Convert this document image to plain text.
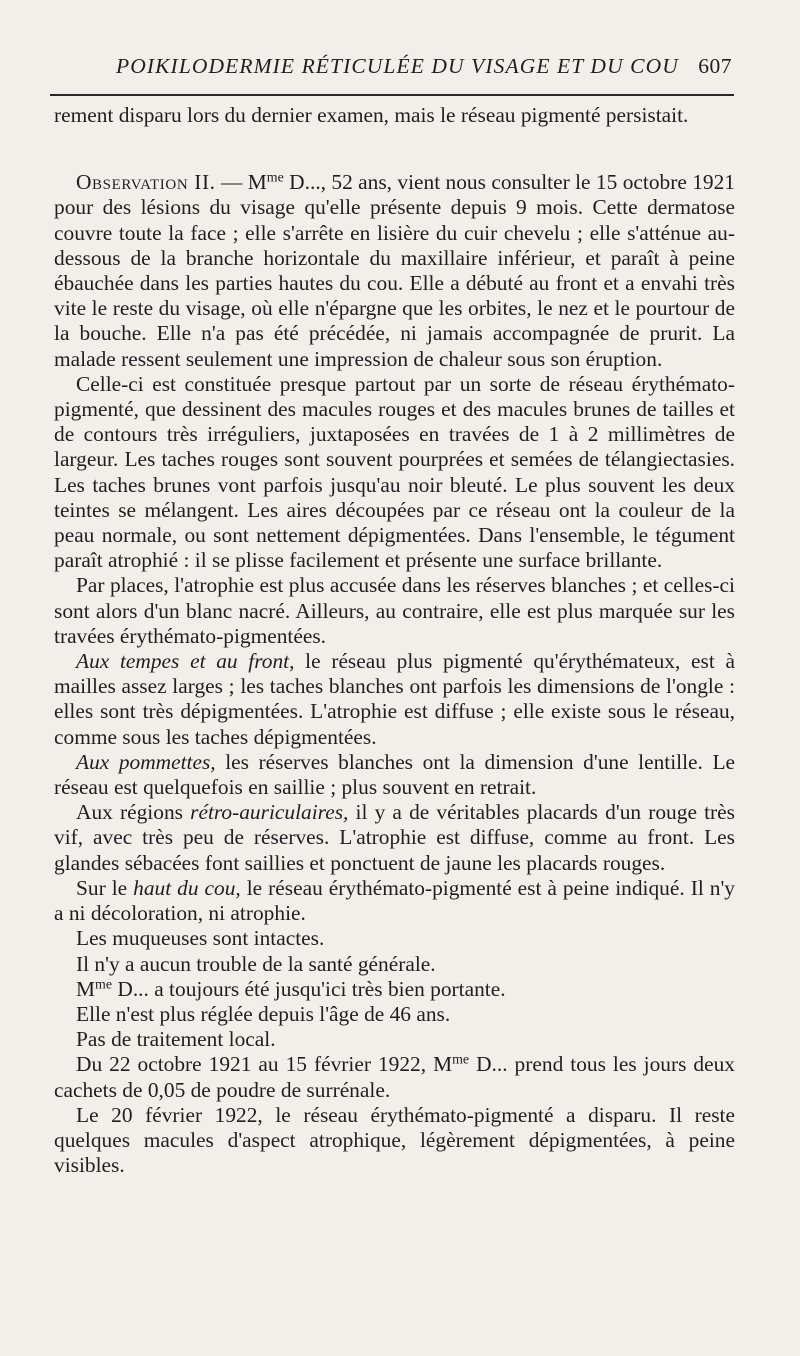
POIKILODERMIE RÉTICULÉE DU VISAGE ET DU COU 607

rement disparu lors du dernier examen, mais le réseau pigmenté persistait.

Observation II. — $M^{me}$ D..., 52 ans, vient nous consulter le 15 octobre 1921 pour des lésions du visage qu'elle présente depuis 9 mois. Cette dermatose couvre toute la face ; elle s'arrête en lisière du cuir chevelu ; elle s'atténue au-dessous de la branche horizontale du maxillaire inférieur, et paraît à peine ébauchée dans les parties hautes du cou. Elle a débuté au front et a envahi très vite le reste du visage, où elle n'épargne que les orbites, le nez et le pourtour de la bouche. Elle n'a pas été précédée, ni jamais accompagnée de prurit. La malade ressent seulement une impression de chaleur sous son éruption.

Celle-ci est constituée presque partout par un sorte de réseau érythémato-pigmenté, que dessinent des macules rouges et des macules brunes de tailles et de contours très irréguliers, juxtaposées en travées de 1 à 2 millimètres de largeur. Les taches rouges sont souvent pourprées et semées de télangiectasies. Les taches brunes vont parfois jusqu'au noir bleuté. Le plus souvent les deux teintes se mélangent. Les aires découpées par ce réseau ont la couleur de la peau normale, ou sont nettement dépigmentées. Dans l'ensemble, le tégument paraît atrophié : il se plisse facilement et présente une surface brillante.

Par places, l'atrophie est plus accusée dans les réserves blanches ; et celles-ci sont alors d'un blanc nacré. Ailleurs, au contraire, elle est plus marquée sur les travées érythémato-pigmentées.

Aux tempes et au front, le réseau plus pigmenté qu'érythémateux, est à mailles assez larges ; les taches blanches ont parfois les dimensions de l'ongle : elles sont très dépigmentées. L'atrophie est diffuse ; elle existe sous le réseau, comme sous les taches dépigmentées.

Aux pommettes, les réserves blanches ont la dimension d'une lentille. Le réseau est quelquefois en saillie ; plus souvent en retrait.

Aux régions rétro-auriculaires, il y a de véritables placards d'un rouge très vif, avec très peu de réserves. L'atrophie est diffuse, comme au front. Les glandes sébacées font saillies et ponctuent de jaune les placards rouges.

Sur le haut du cou, le réseau érythémato-pigmenté est à peine indiqué. Il n'y a ni décoloration, ni atrophie.

Les muqueuses sont intactes.

Il n'y a aucun trouble de la santé générale.

$M^{me}$ D... a toujours été jusqu'ici très bien portante.

Elle n'est plus réglée depuis l'âge de 46 ans.

Pas de traitement local.

Du 22 octobre 1921 au 15 février 1922, $M^{me}$ D... prend tous les jours deux cachets de 0,05 de poudre de surrénale.

Le 20 février 1922, le réseau érythémato-pigmenté a disparu. Il reste quelques macules d'aspect atrophique, légèrement dépigmentées, à peine visibles.
